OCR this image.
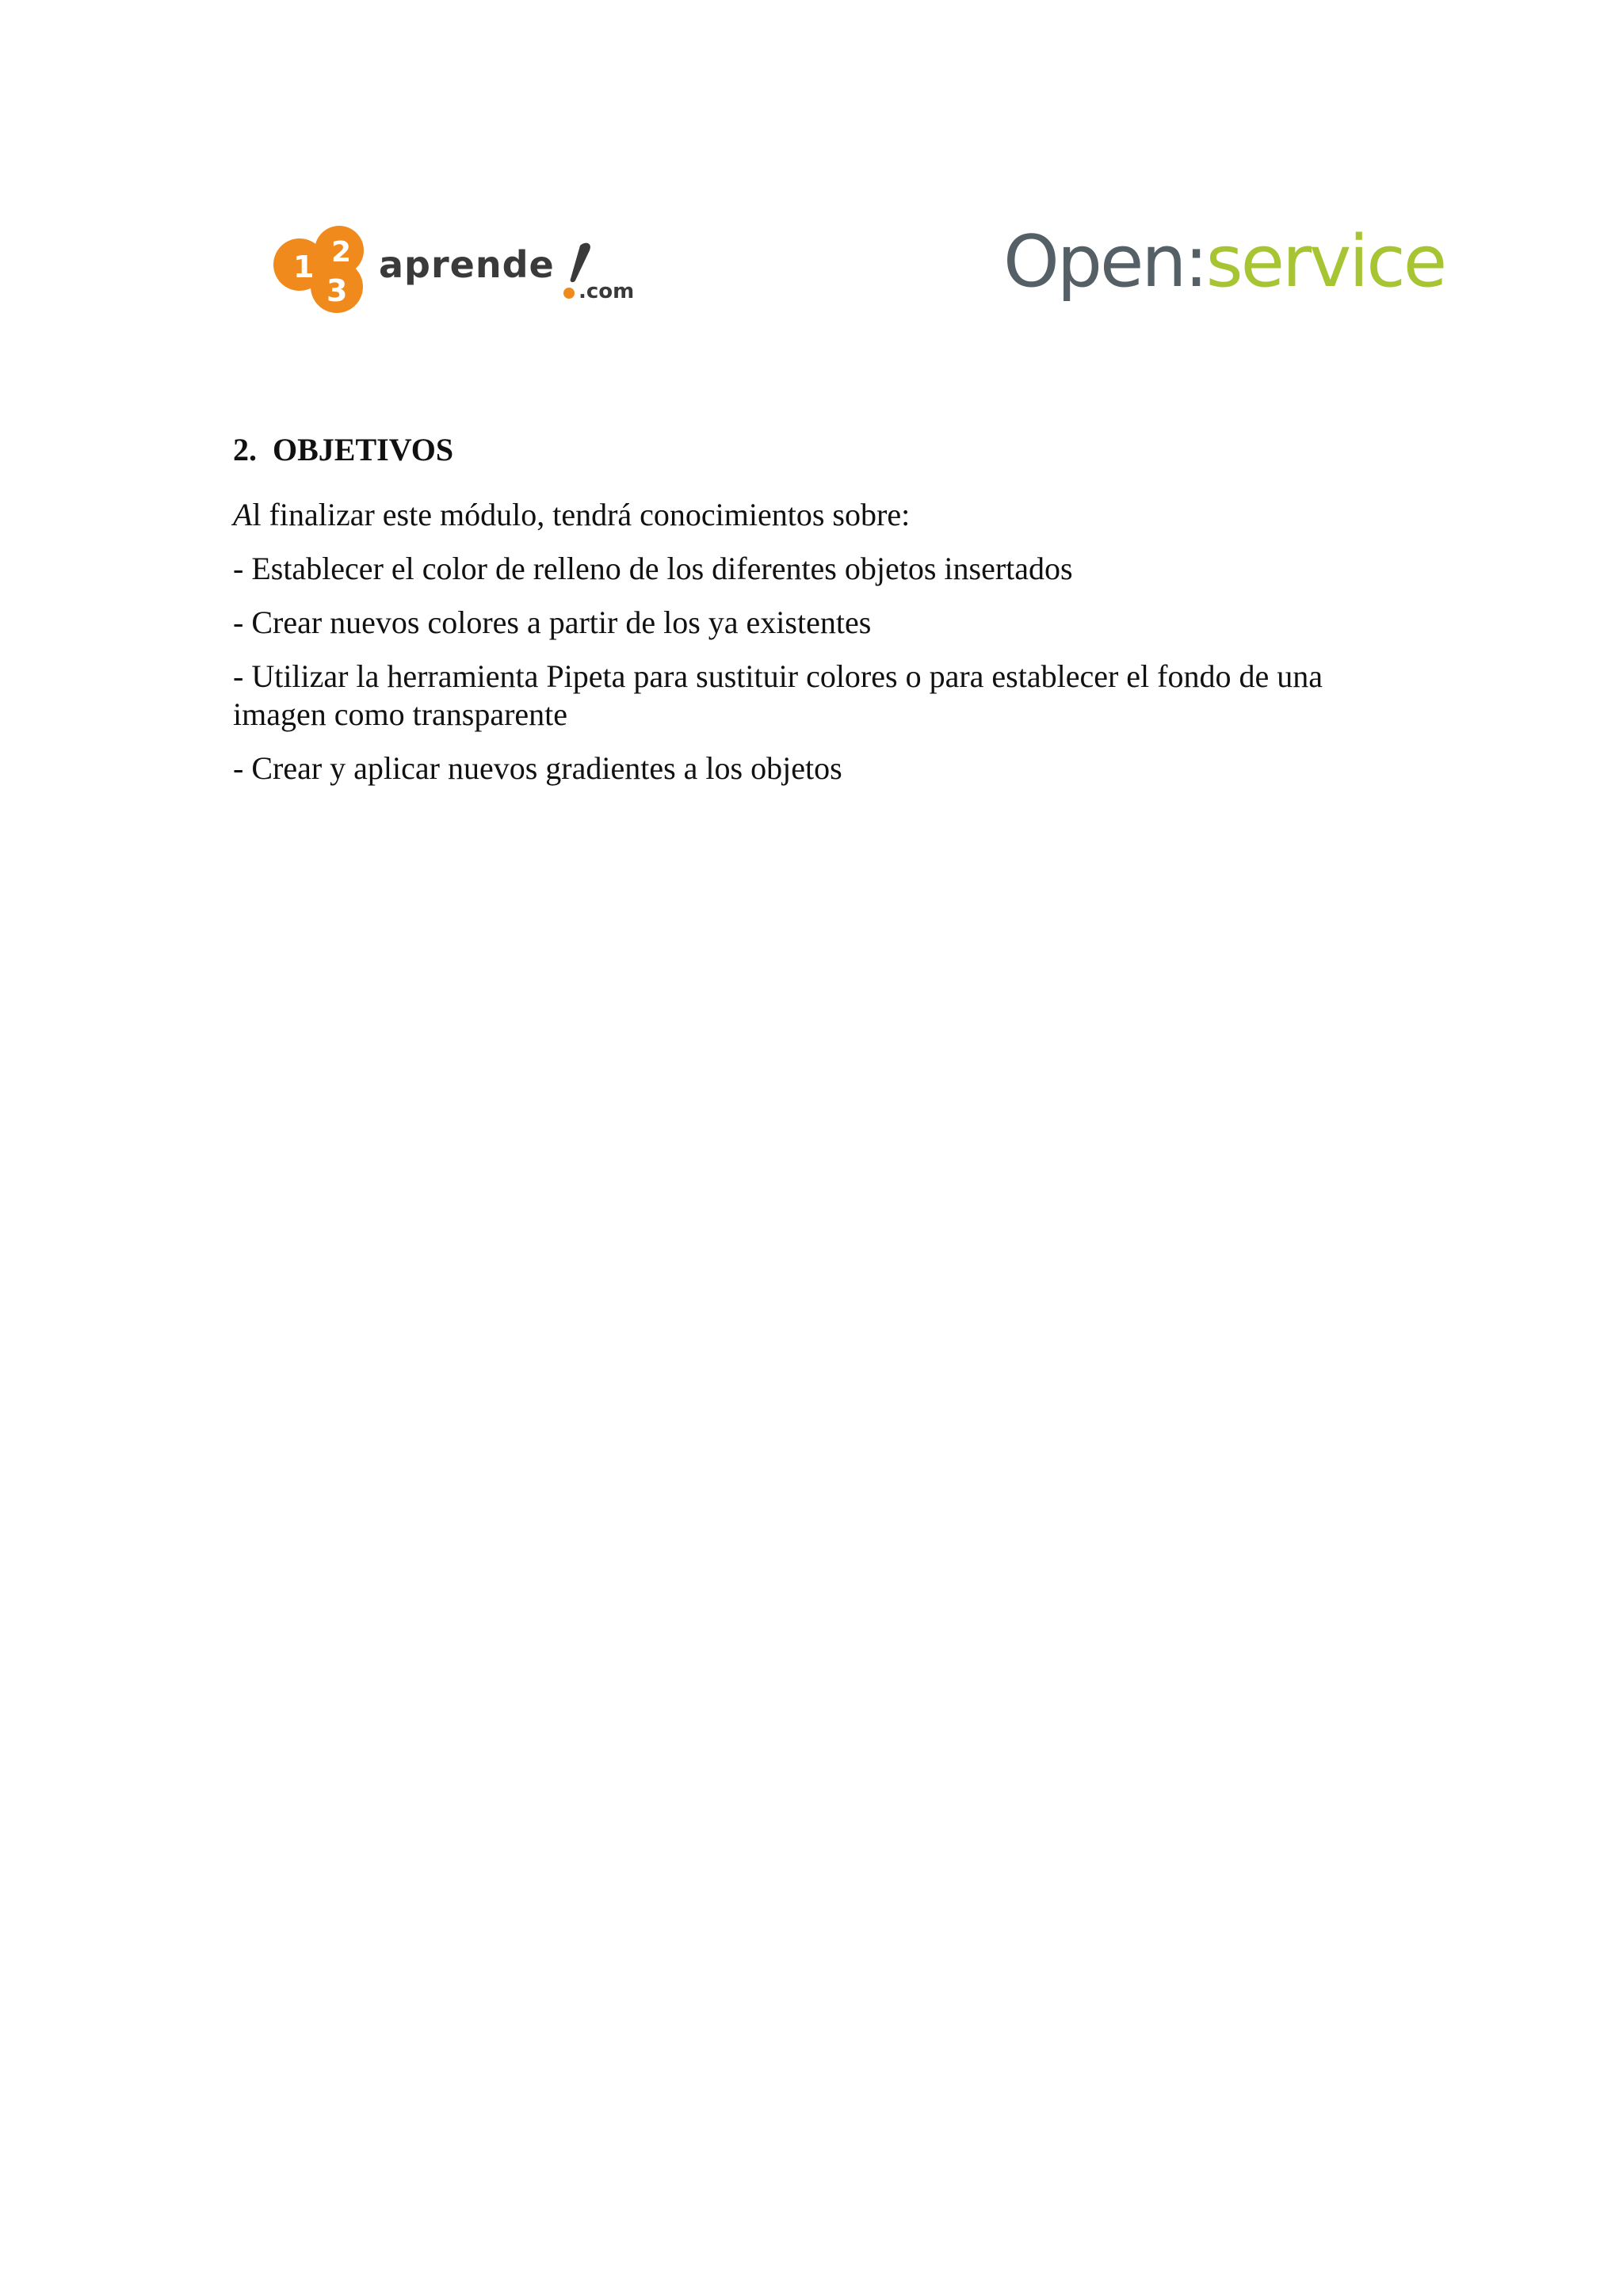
1 2
3
aprende
.com	Open : service
2. OBJETIVOS
Al finalizar este módulo, tendrá conocimientos sobre:
- Establecer el color de relleno de los diferentes objetos insertados
- Crear nuevos colores a partir de los ya existentes
- Utilizar la herramienta Pipeta para sustituir colores o para establecer el fondo de una imagen como transparente
- Crear y aplicar nuevos gradientes a los objetos
